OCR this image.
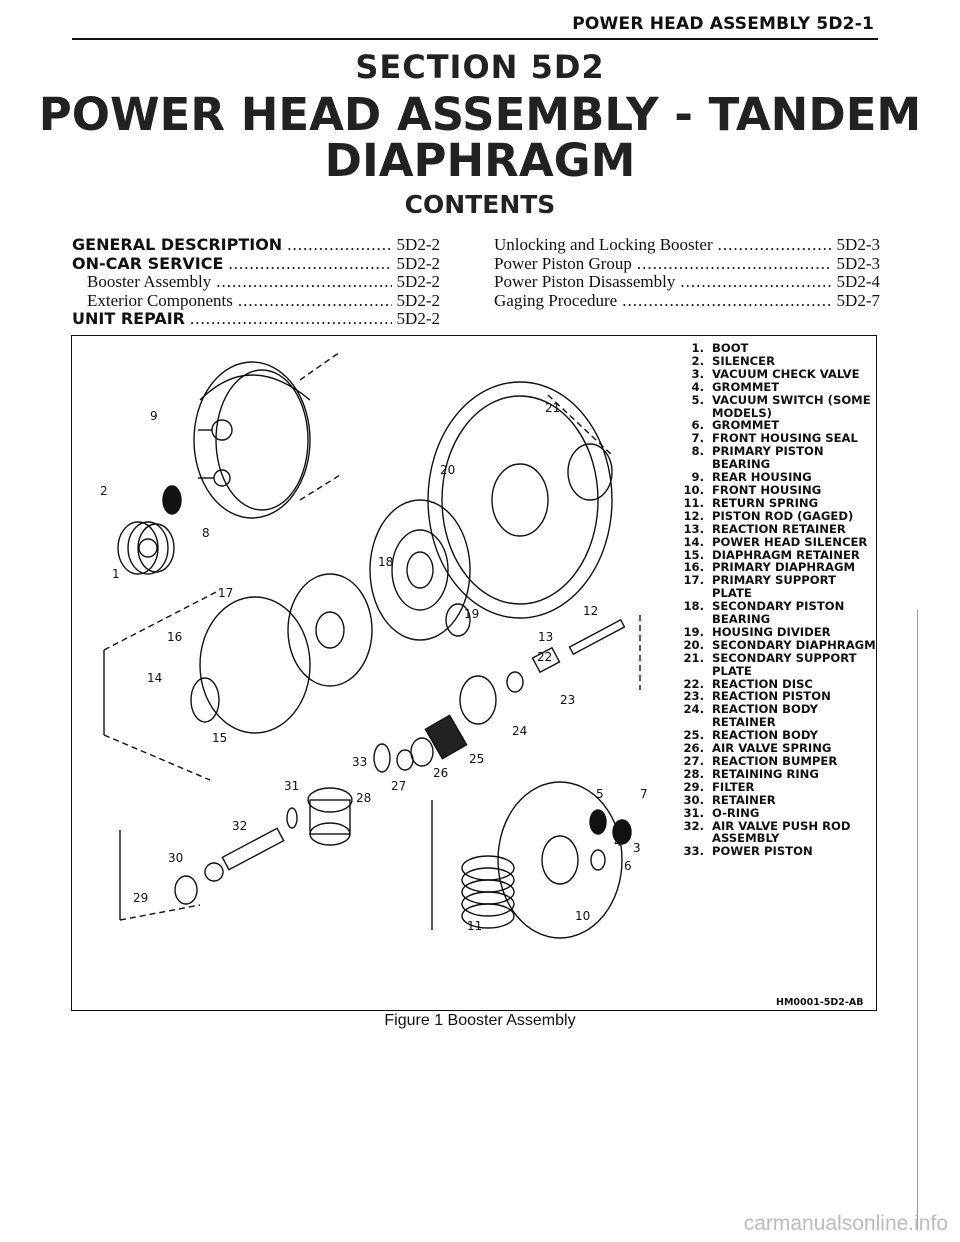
POWER HEAD ASSEMBLY 5D2-1
SECTION 5D2
POWER HEAD ASSEMBLY - TANDEM
DIAPHRAGM
CONTENTS
GENERAL DESCRIPTION .....	5D2-2
ON-CAR SERVICE .....	5D2-2
Booster Assembly .....	5D2-2
Exterior Components .....	5D2-2
UNIT REPAIR .....	5D2-2
Unlocking and Locking Booster .....	5D2-3
Power Piston Group .....	5D2-3
Power Piston Disassembly .....	5D2-4
Gaging Procedure .....	5D2-7
1
2
3
4
5
6
7
8
9
10
11
12
13
14
15
16
17
18
19
20
21
22
23
24
25
26
27
28
29
30
31
32
33
1. BOOT
2. SILENCER
3. VACUUM CHECK VALVE
4. GROMMET
5. VACUUM SWITCH (SOME MODELS)
6. GROMMET
7. FRONT HOUSING SEAL
8. PRIMARY PISTON BEARING
9. REAR HOUSING
10. FRONT HOUSING
11. RETURN SPRING
12. PISTON ROD (GAGED)
13. REACTION RETAINER
14. POWER HEAD SILENCER
15. DIAPHRAGM RETAINER
16. PRIMARY DIAPHRAGM
17. PRIMARY SUPPORT PLATE
18. SECONDARY PISTON BEARING
19. HOUSING DIVIDER
20. SECONDARY DIAPHRAGM
21. SECONDARY SUPPORT PLATE
22. REACTION DISC
23. REACTION PISTON
24. REACTION BODY RETAINER
25. REACTION BODY
26. AIR VALVE SPRING
27. REACTION BUMPER
28. RETAINING RING
29. FILTER
30. RETAINER
31. O-RING
32. AIR VALVE PUSH ROD ASSEMBLY
33. POWER PISTON
HM0001-5D2-AB
Figure 1 Booster Assembly
carmanualsonline.info
